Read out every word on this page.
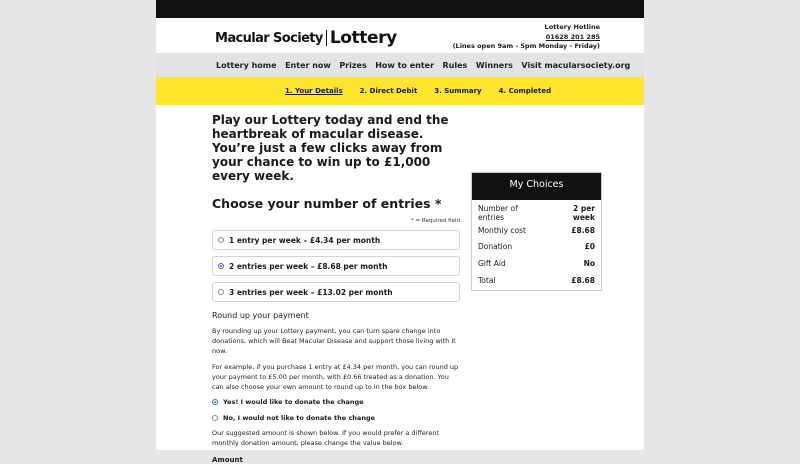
Macular Society Lottery
Lottery Hotline
01628 201 285
(Lines open 9am - 5pm Monday - Friday)
Lottery home Enter now Prizes How to enter Rules Winners Visit macularsociety.org
1. Your Details 2. Direct Debit 3. Summary 4. Completed
Play our Lottery today and end the heartbreak of macular disease. You’re just a few clicks away from your chance to win up to £1,000 every week.
Choose your number of entries *
* = Required field
1 entry per week – £4.34 per month
2 entries per week – £8.68 per month
3 entries per week – £13.02 per month
Round up your payment

By rounding up your Lottery payment, you can turn spare change into donations, which will Beat Macular Disease and support those living with it now.

For example, if you purchase 1 entry at £4.34 per month, you can round up your payment to £5.00 per month, with £0.66 treated as a donation. You can also choose your own amount to round up to in the box below.

Yes! I would like to donate the change
No, I would not like to donate the change

Our suggested amount is shown below. If you would prefer a different monthly donation amount, please change the value below.

Amount
My Choices
Number of entries	2 per week
Monthly cost	£8.68
Donation	£0
Gift Aid	No
Total	£8.68
